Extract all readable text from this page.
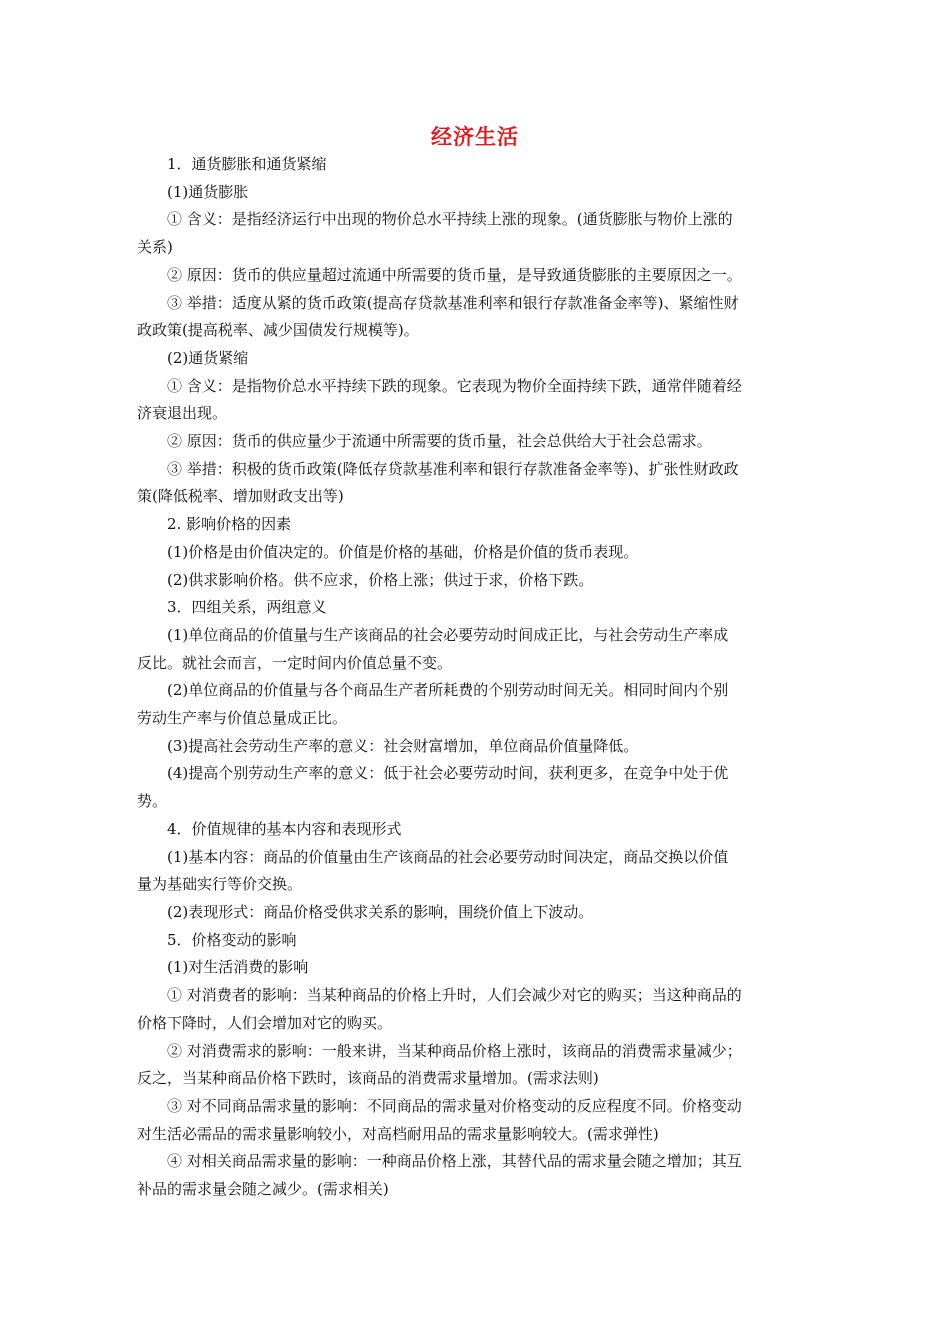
经济生活
1．通货膨胀和通货紧缩
(1)通货膨胀
① 含义：是指经济运行中出现的物价总水平持续上涨的现象。(通货膨胀与物价上涨的
关系)
② 原因：货币的供应量超过流通中所需要的货币量，是导致通货膨胀的主要原因之一。
③ 举措：适度从紧的货币政策(提高存贷款基准利率和银行存款准备金率等)、紧缩性财
政政策(提高税率、减少国债发行规模等)。
(2)通货紧缩
① 含义：是指物价总水平持续下跌的现象。它表现为物价全面持续下跌，通常伴随着经
济衰退出现。
② 原因：货币的供应量少于流通中所需要的货币量，社会总供给大于社会总需求。
③ 举措：积极的货币政策(降低存贷款基准利率和银行存款准备金率等)、扩张性财政政
策(降低税率、增加财政支出等)
2. 影响价格的因素
(1)价格是由价值决定的。价值是价格的基础，价格是价值的货币表现。
(2)供求影响价格。供不应求，价格上涨；供过于求，价格下跌。
3．四组关系，两组意义
(1)单位商品的价值量与生产该商品的社会必要劳动时间成正比，与社会劳动生产率成
反比。就社会而言，一定时间内价值总量不变。
(2)单位商品的价值量与各个商品生产者所耗费的个别劳动时间无关。相同时间内个别
劳动生产率与价值总量成正比。
(3)提高社会劳动生产率的意义：社会财富增加，单位商品价值量降低。
(4)提高个别劳动生产率的意义：低于社会必要劳动时间，获利更多，在竞争中处于优
势。
4．价值规律的基本内容和表现形式
(1)基本内容：商品的价值量由生产该商品的社会必要劳动时间决定，商品交换以价值
量为基础实行等价交换。
(2)表现形式：商品价格受供求关系的影响，围绕价值上下波动。
5．价格变动的影响
(1)对生活消费的影响
① 对消费者的影响：当某种商品的价格上升时，人们会减少对它的购买；当这种商品的
价格下降时，人们会增加对它的购买。
② 对消费需求的影响：一般来讲，当某种商品价格上涨时，该商品的消费需求量减少；
反之，当某种商品价格下跌时，该商品的消费需求量增加。(需求法则)
③ 对不同商品需求量的影响：不同商品的需求量对价格变动的反应程度不同。价格变动
对生活必需品的需求量影响较小，对高档耐用品的需求量影响较大。(需求弹性)
④ 对相关商品需求量的影响：一种商品价格上涨，其替代品的需求量会随之增加；其互
补品的需求量会随之减少。(需求相关)
